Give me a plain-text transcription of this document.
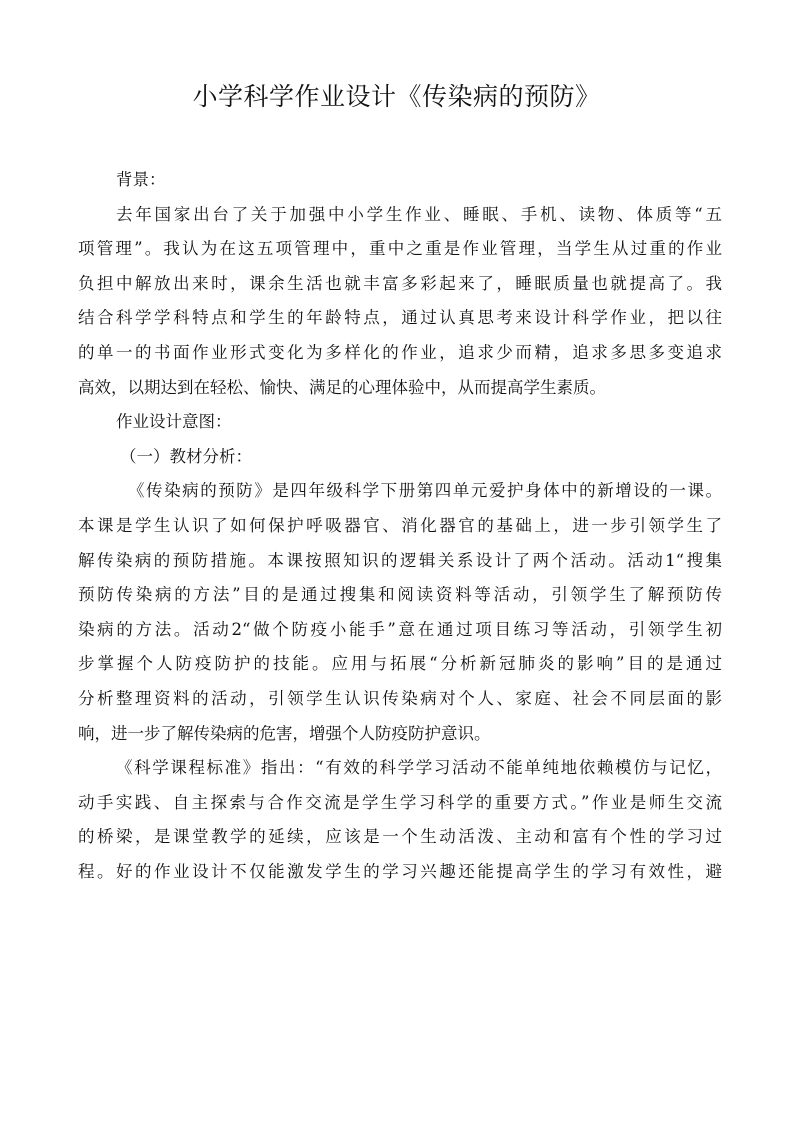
小学科学作业设计《传染病的预防》
背景：
去年国家出台了关于加强中小学生作业、睡眠、手机、读物、体质等“五
项管理”。我认为在这五项管理中，重中之重是作业管理，当学生从过重的作业
负担中解放出来时，课余生活也就丰富多彩起来了，睡眠质量也就提高了。我
结合科学学科特点和学生的年龄特点，通过认真思考来设计科学作业，把以往
的单一的书面作业形式变化为多样化的作业，追求少而精，追求多思多变追求
高效，以期达到在轻松、愉快、满足的心理体验中，从而提高学生素质。
作业设计意图：
（一）教材分析：
《传染病的预防》是四年级科学下册第四单元爱护身体中的新增设的一课。
本课是学生认识了如何保护呼吸器官、消化器官的基础上，进一步引领学生了
解传染病的预防措施。本课按照知识的逻辑关系设计了两个活动。活动1“搜集
预防传染病的方法”目的是通过搜集和阅读资料等活动，引领学生了解预防传
染病的方法。活动2“做个防疫小能手”意在通过项目练习等活动，引领学生初
步掌握个人防疫防护的技能。应用与拓展“分析新冠肺炎的影响”目的是通过
分析整理资料的活动，引领学生认识传染病对个人、家庭、社会不同层面的影
响，进一步了解传染病的危害，增强个人防疫防护意识。
《科学课程标准》指出：“有效的科学学习活动不能单纯地依赖模仿与记忆，
动手实践、自主探索与合作交流是学生学习科学的重要方式。”作业是师生交流
的桥梁，是课堂教学的延续，应该是一个生动活泼、主动和富有个性的学习过
程。好的作业设计不仅能激发学生的学习兴趣还能提高学生的学习有效性，避
